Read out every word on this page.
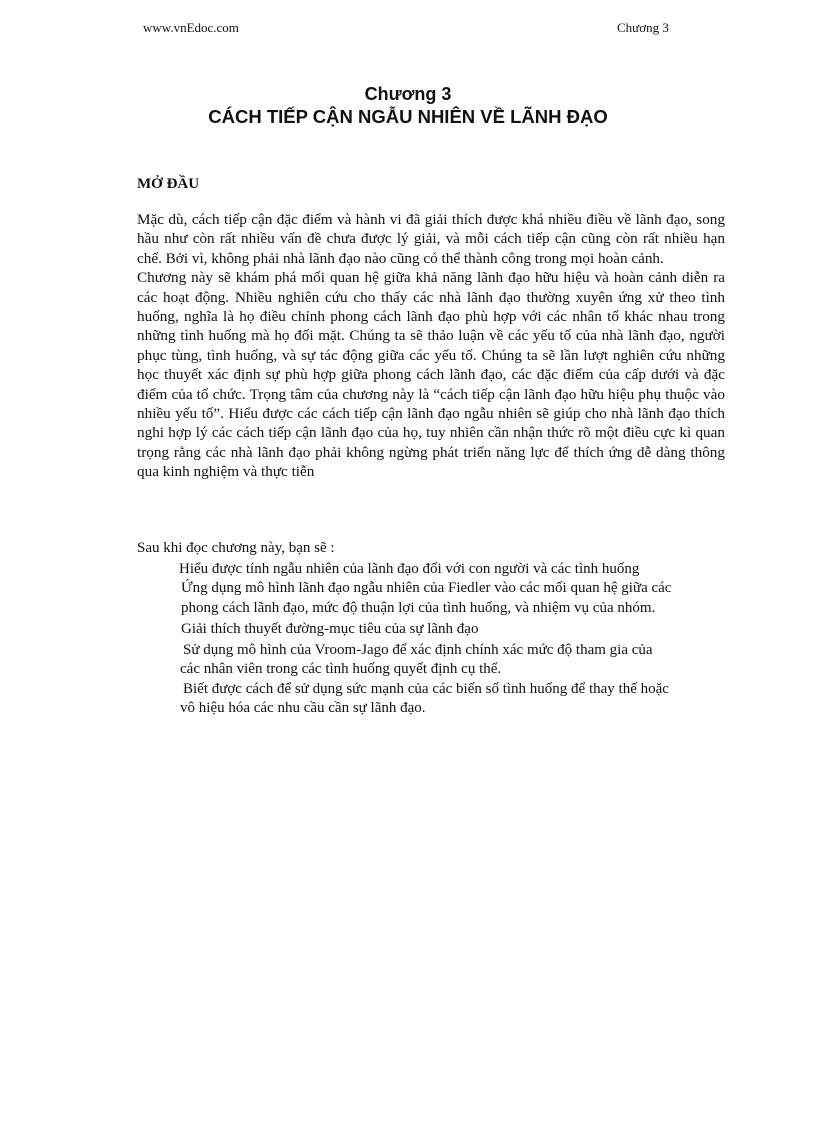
www.vnEdoc.com	Chương 3
Chương 3
CÁCH TIẾP CẬN NGẪU NHIÊN VỀ LÃNH ĐẠO
MỞ ĐẦU

Mặc dù, cách tiếp cận đặc điểm và hành vi đã giải thích được khá nhiều điều về lãnh đạo, song hầu như còn rất nhiều vấn đề chưa được lý giải, và mỗi cách tiếp cận cũng còn rất nhiều hạn chế. Bởi vì, không phải nhà lãnh đạo nào cũng có thể thành công trong mọi hoàn cảnh.

Chương này sẽ khám phá mối quan hệ giữa khả năng lãnh đạo hữu hiệu và hoàn cảnh diễn ra các hoạt động. Nhiều nghiên cứu cho thấy các nhà lãnh đạo thường xuyên ứng xử theo tình huống, nghĩa là họ điều chỉnh phong cách lãnh đạo phù hợp với các nhân tố khác nhau trong những tình huống mà họ đối mặt. Chúng ta sẽ thảo luận về các yếu tố của nhà lãnh đạo, người phục tùng, tình huống, và sự tác động giữa các yếu tố. Chúng ta sẽ lần lượt nghiên cứu những học thuyết xác định sự phù hợp giữa phong cách lãnh đạo, các đặc điểm của cấp dưới và đặc điểm của tổ chức. Trọng tâm của chương này là “cách tiếp cận lãnh đạo hữu hiệu phụ thuộc vào nhiều yếu tố”. Hiểu được các cách tiếp cận lãnh đạo ngẫu nhiên sẽ giúp cho nhà lãnh đạo thích nghi hợp lý các cách tiếp cận lãnh đạo của họ, tuy nhiên cần nhận thức rõ một điều cực kì quan trọng rằng các nhà lãnh đạo phải không ngừng phát triển năng lực để thích ứng dễ dàng thông qua kinh nghiệm và thực tiễn

Sau khi đọc chương này, bạn sẽ :

Hiểu được tính ngẫu nhiên của lãnh đạo đối với con người và các tình huống
Ứng dụng mô hình lãnh đạo ngẫu nhiên của Fiedler vào các mối quan hệ giữa các phong cách lãnh đạo, mức độ thuận lợi của tình huống, và nhiệm vụ của nhóm.
Giải thích thuyết đường-mục tiêu của sự lãnh đạo
Sử dụng mô hình của Vroom-Jago để xác định chính xác mức độ tham gia của
các nhân viên trong các tình huống quyết định cụ thể.
Biết được cách để sử dụng sức mạnh của các biến số tình huống để thay thế hoặc
vô hiệu hóa các nhu cầu cần sự lãnh đạo.
